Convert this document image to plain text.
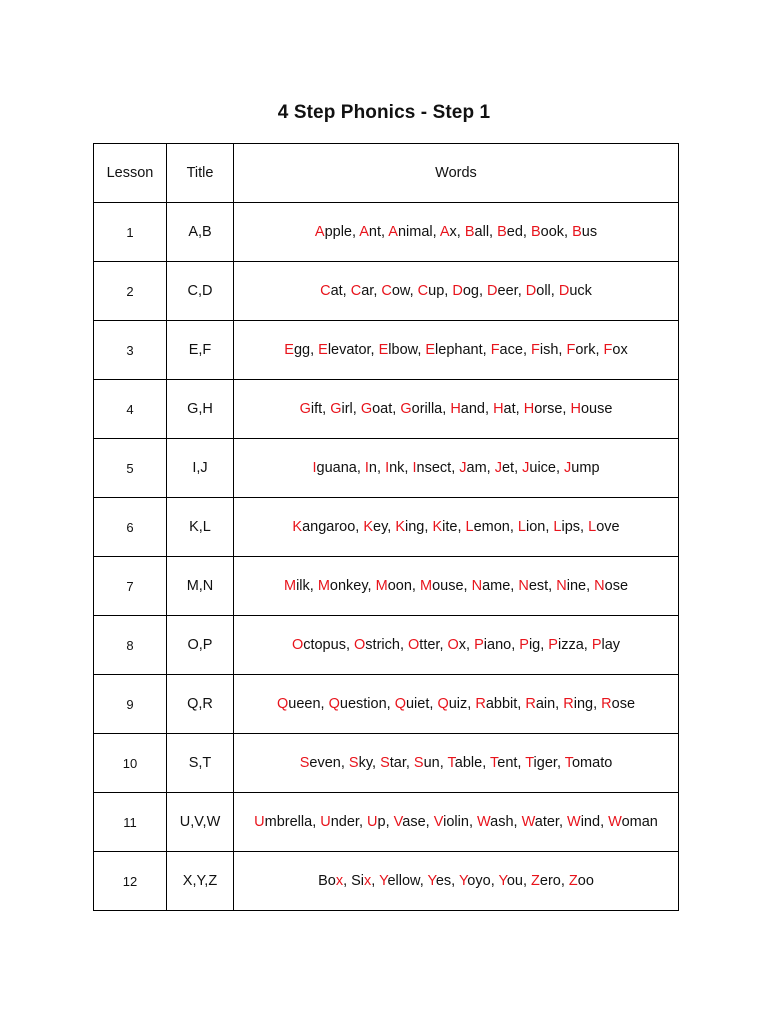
4 Step Phonics - Step 1
Lesson	Title	Words
1	A,B	Apple, Ant, Animal, Ax, Ball, Bed, Book, Bus
2	C,D	Cat, Car, Cow, Cup, Dog, Deer, Doll, Duck
3	E,F	Egg, Elevator, Elbow, Elephant, Face, Fish, Fork, Fox
4	G,H	Gift, Girl, Goat, Gorilla, Hand, Hat, Horse, House
5	I,J	Iguana, In, Ink, Insect, Jam, Jet, Juice, Jump
6	K,L	Kangaroo, Key, King, Kite, Lemon, Lion, Lips, Love
7	M,N	Milk, Monkey, Moon, Mouse, Name, Nest, Nine, Nose
8	O,P	Octopus, Ostrich, Otter, Ox, Piano, Pig, Pizza, Play
9	Q,R	Queen, Question, Quiet, Quiz, Rabbit, Rain, Ring, Rose
10	S,T	Seven, Sky, Star, Sun, Table, Tent, Tiger, Tomato
11	U,V,W	Umbrella, Under, Up, Vase, Violin, Wash, Water, Wind, Woman
12	X,Y,Z	Box, Six, Yellow, Yes, Yoyo, You, Zero, Zoo
